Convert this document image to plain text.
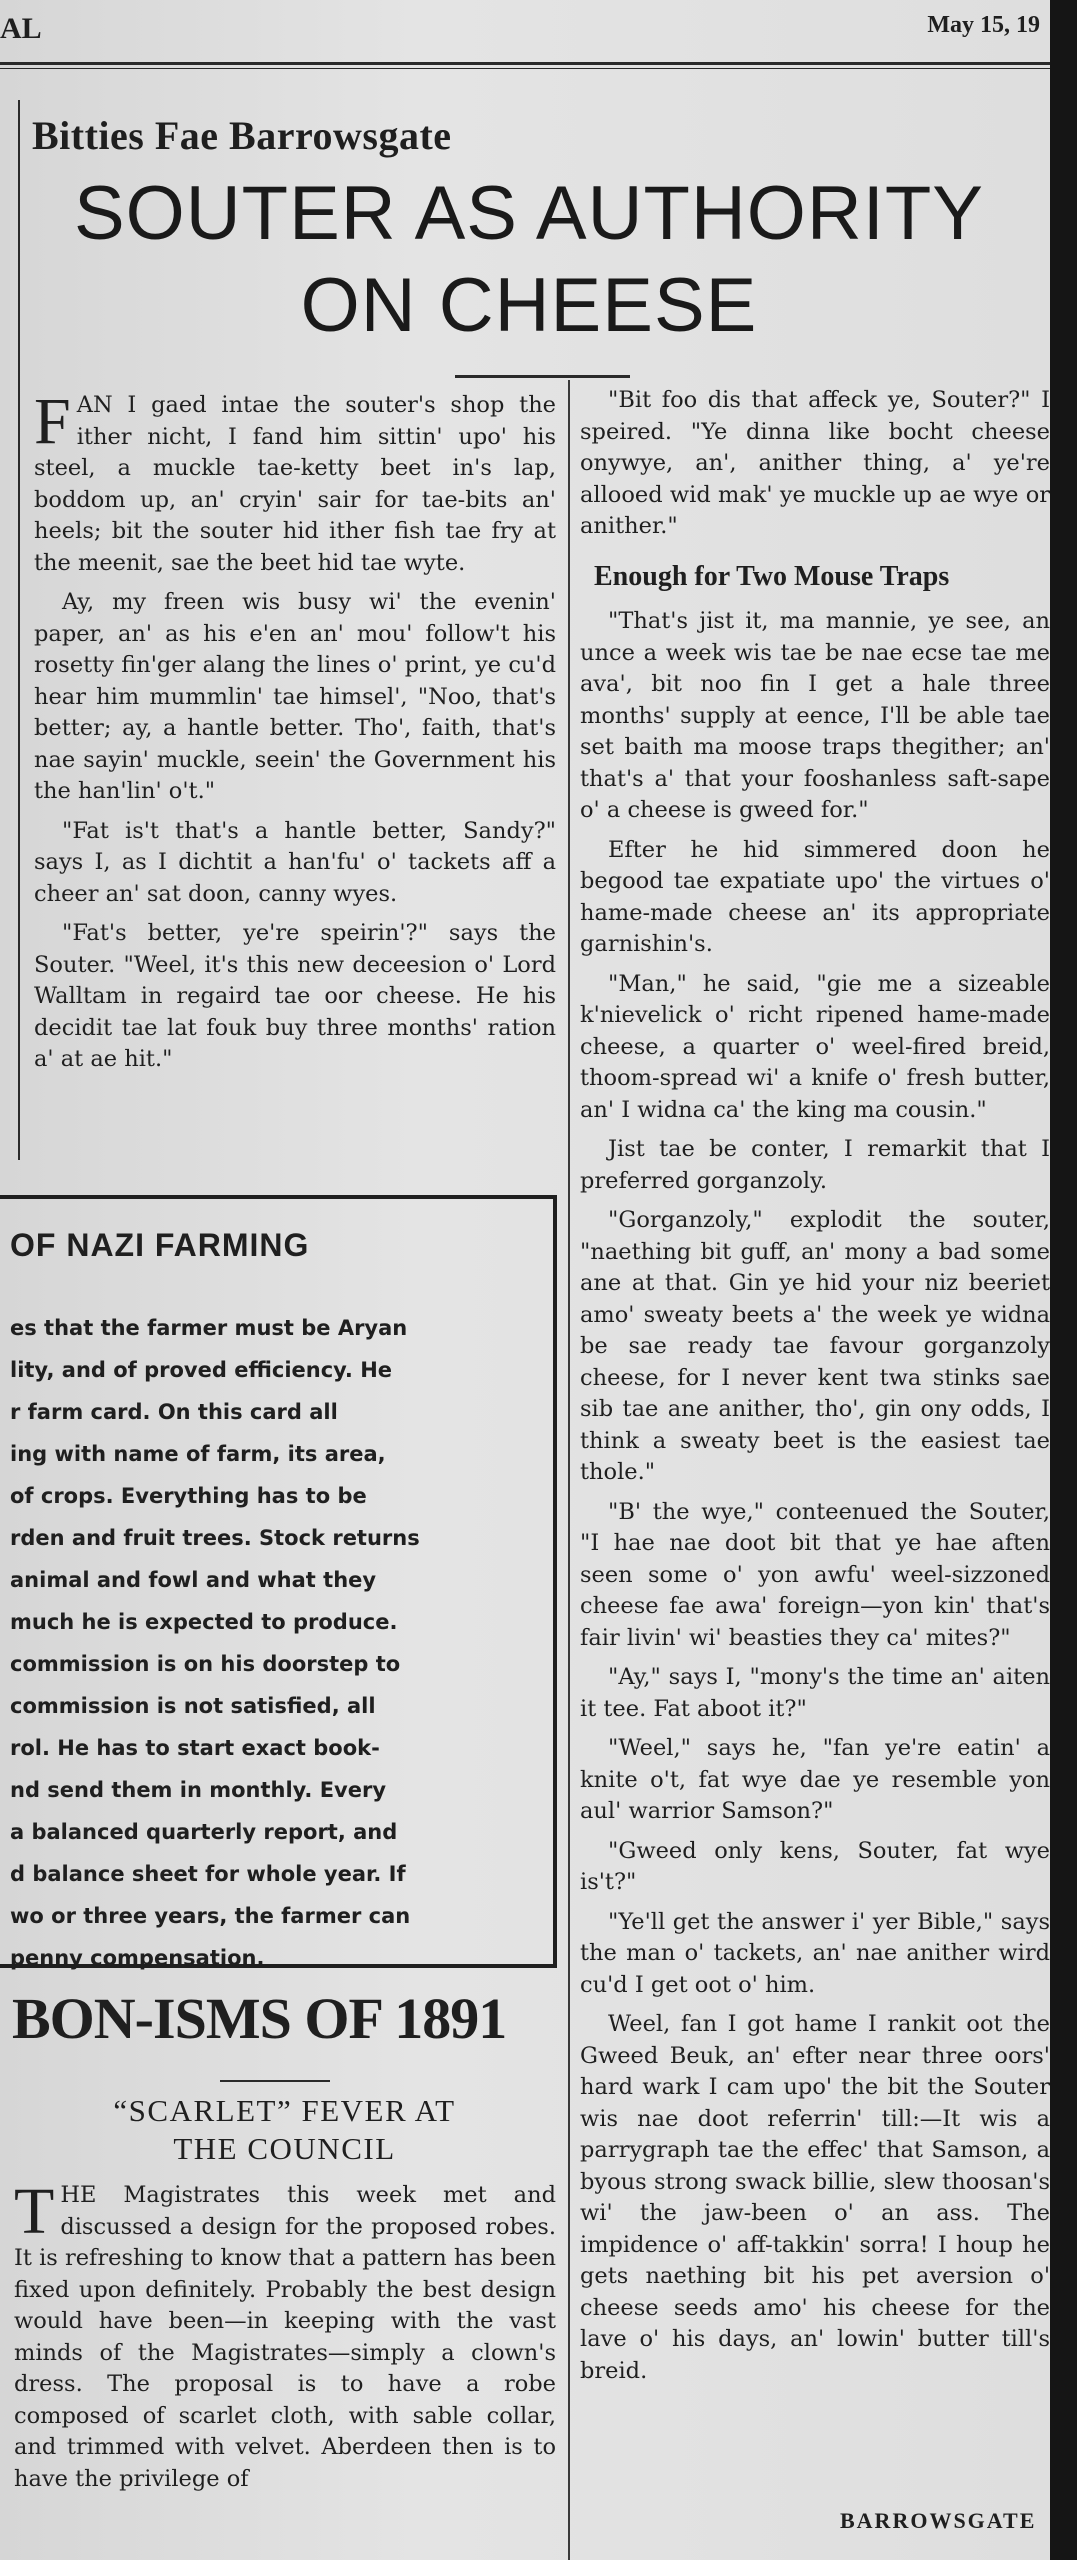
AL	May 15, 19
Bitties Fae Barrowsgate
SOUTER AS AUTHORITY
ON CHEESE

FAN I gaed intae the souter's shop the ither nicht, I fand him sittin' upo' his steel, a muckle tae-ketty beet in's lap, boddom up, an' cryin' sair for tae-bits an' heels; bit the souter hid ither fish tae fry at the meenit, sae the beet hid tae wyte.

Ay, my freen wis busy wi' the evenin' paper, an' as his e'en an' mou' follow't his rosetty fin'ger alang the lines o' print, ye cu'd hear him mummlin' tae himsel', "Noo, that's better; ay, a hantle better. Tho', faith, that's nae sayin' muckle, seein' the Government his the han'lin' o't."

"Fat is't that's a hantle better, Sandy?" says I, as I dichtit a han'fu' o' tackets aff a cheer an' sat doon, canny wyes.

"Fat's better, ye're speirin'?" says the Souter. "Weel, it's this new deceesion o' Lord Walltam in regaird tae oor cheese. He his decidit tae lat fouk buy three months' ration a' at ae hit."

"Bit foo dis that affeck ye, Souter?" I speired. "Ye dinna like bocht cheese onywye, an', anither thing, a' ye're allooed wid mak' ye muckle up ae wye or anither."

Enough for Two Mouse Traps

"That's jist it, ma mannie, ye see, an unce a week wis tae be nae ecse tae me ava', bit noo fin I get a hale three months' supply at eence, I'll be able tae set baith ma moose traps thegither; an' that's a' that your fooshanless saft-sape o' a cheese is gweed for."

Efter he hid simmered doon he begood tae expatiate upo' the virtues o' hame-made cheese an' its appropriate garnishin's.

"Man," he said, "gie me a sizeable k'nievelick o' richt ripened hame-made cheese, a quarter o' weel-fired breid, thoom-spread wi' a knife o' fresh butter, an' I widna ca' the king ma cousin."

Jist tae be conter, I remarkit that I preferred gorganzoly.

"Gorganzoly," explodit the souter, "naething bit guff, an' mony a bad some ane at that. Gin ye hid your niz beeriet amo' sweaty beets a' the week ye widna be sae ready tae favour gorganzoly cheese, for I never kent twa stinks sae sib tae ane anither, tho', gin ony odds, I think a sweaty beet is the easiest tae thole."

"B' the wye," conteenued the Souter, "I hae nae doot bit that ye hae aften seen some o' yon awfu' weel-sizzoned cheese fae awa' foreign—yon kin' that's fair livin' wi' beasties they ca' mites?"

"Ay," says I, "mony's the time an' aiten it tee. Fat aboot it?"

"Weel," says he, "fan ye're eatin' a knite o't, fat wye dae ye resemble yon aul' warrior Samson?"

"Gweed only kens, Souter, fat wye is't?"

"Ye'll get the answer i' yer Bible," says the man o' tackets, an' nae anither wird cu'd I get oot o' him.

Weel, fan I got hame I rankit oot the Gweed Beuk, an' efter near three oors' hard wark I cam upo' the bit the Souter wis nae doot referrin' till:—It wis a parrygraph tae the effec' that Samson, a byous strong swack billie, slew thoosan's wi' the jaw-been o' an ass. The impidence o' aff-takkin' sorra! I houp he gets naething bit his pet aversion o' cheese seeds amo' his cheese for the lave o' his days, an' lowin' butter till's breid.

OF NAZI FARMING
es that the farmer must be Aryan
lity, and of proved efficiency. He
r farm card. On this card all
ing with name of farm, its area,
of crops. Everything has to be
rden and fruit trees. Stock returns
animal and fowl and what they
much he is expected to produce.
commission is on his doorstep to
commission is not satisfied, all
rol. He has to start exact book-
nd send them in monthly. Every
a balanced quarterly report, and
d balance sheet for whole year. If
wo or three years, the farmer can
penny compensation.
BON-ISMS OF 1891
“SCARLET” FEVER AT
THE COUNCIL

THE Magistrates this week met and discussed a design for the proposed robes. It is refreshing to know that a pattern has been fixed upon definitely. Probably the best design would have been—in keeping with the vast minds of the Magistrates—simply a clown's dress. The proposal is to have a robe composed of scarlet cloth, with sable collar, and trimmed with velvet. Aberdeen then is to have the privilege of

BARROWSGATE
